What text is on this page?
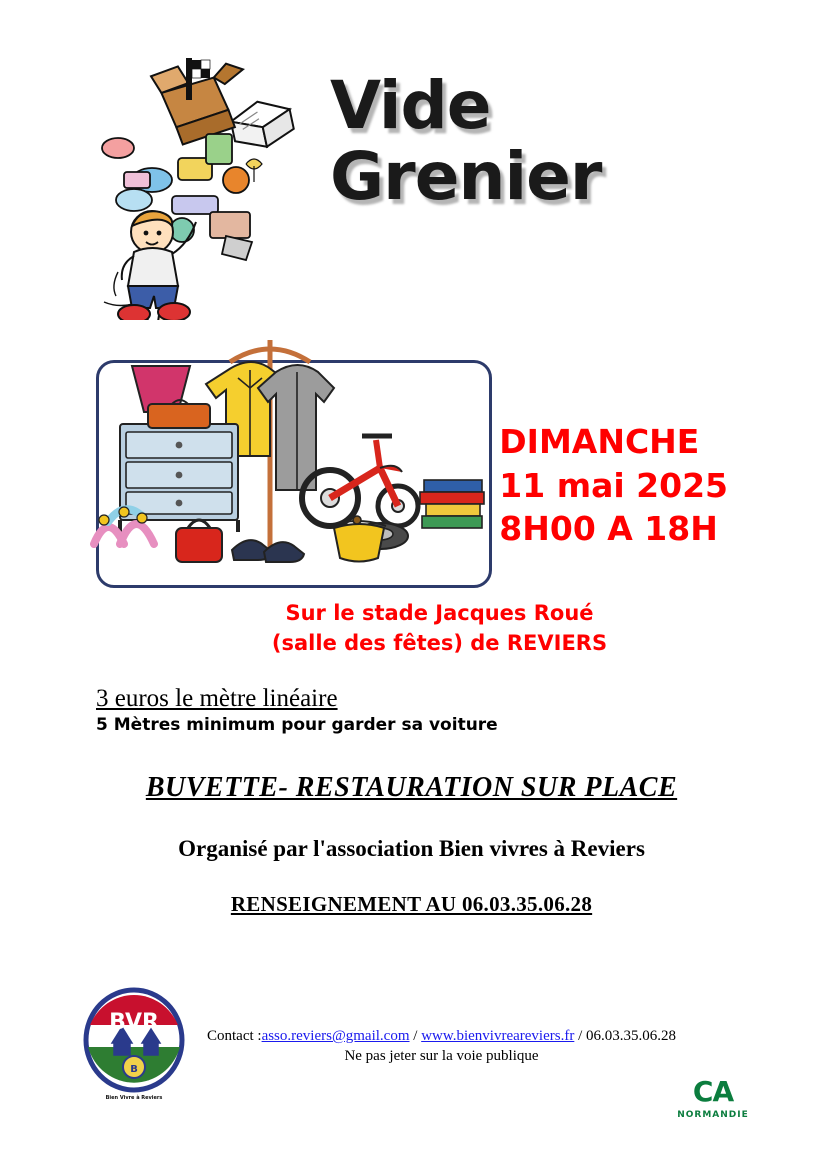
Vide
Grenier
DIMANCHE
11 mai 2025
8H00 A 18H
Sur le stade Jacques Roué
(salle des fêtes) de REVIERS
3 euros le mètre linéaire
5 Mètres minimum pour garder sa voiture
BUVETTE- RESTAURATION SUR PLACE
Organisé par l'association Bien vivres à Reviers
RENSEIGNEMENT AU 06.03.35.06.28
BVR
B
Bien Vivre à Reviers
Contact :asso.reviers@gmail.com / www.bienvivreareviers.fr / 06.03.35.06.28
Ne pas jeter sur la voie publique
CA
NORMANDIE
